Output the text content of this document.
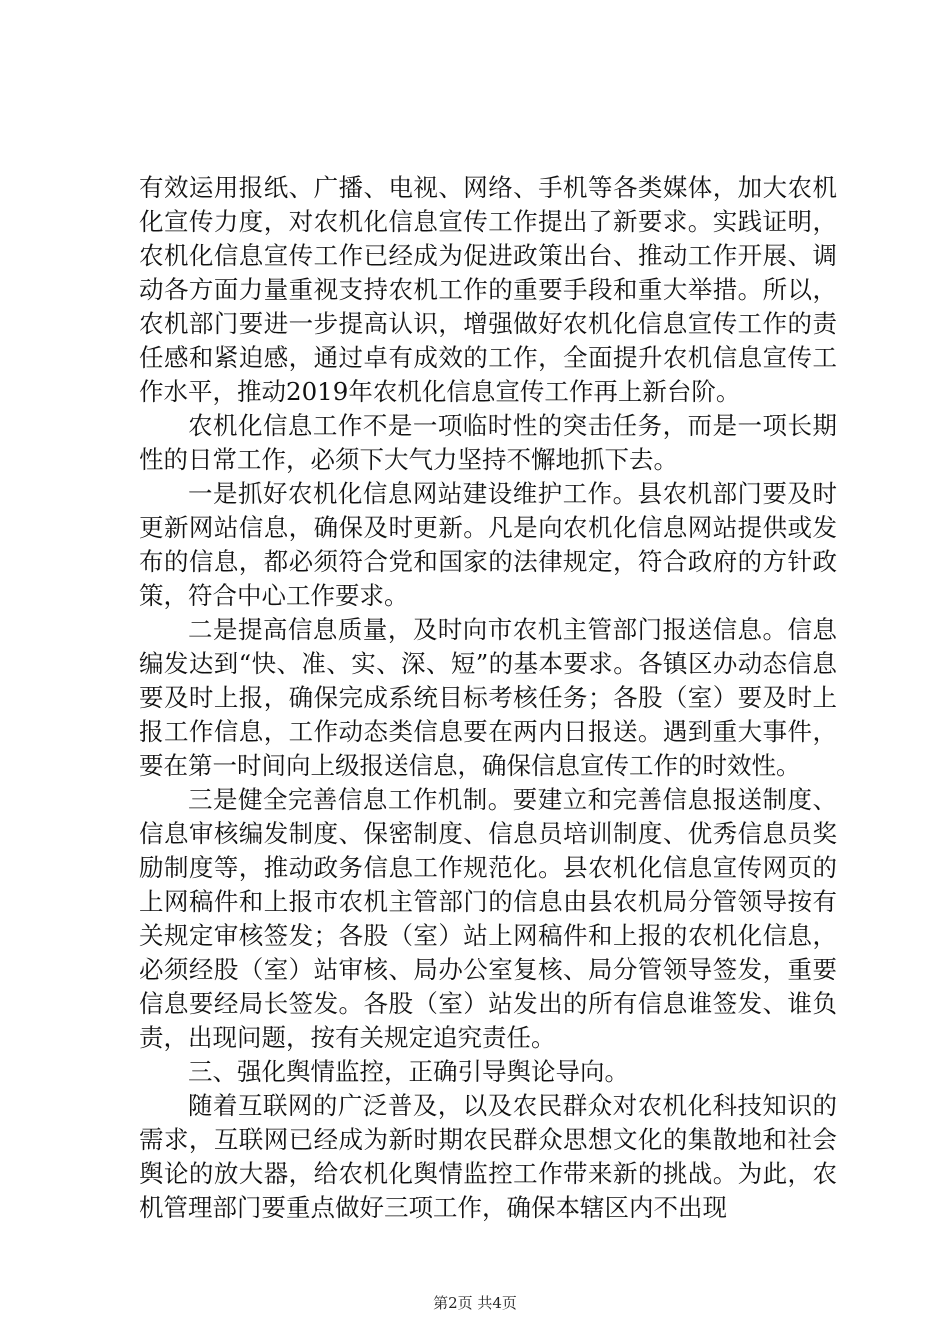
有效运用报纸、广播、电视、网络、手机等各类媒体，加大农机化宣传力度，对农机化信息宣传工作提出了新要求。实践证明，农机化信息宣传工作已经成为促进政策出台、推动工作开展、调动各方面力量重视支持农机工作的重要手段和重大举措。所以，农机部门要进一步提高认识，增强做好农机化信息宣传工作的责任感和紧迫感，通过卓有成效的工作，全面提升农机信息宣传工作水平，推动2019年农机化信息宣传工作再上新台阶。

农机化信息工作不是一项临时性的突击任务，而是一项长期性的日常工作，必须下大气力坚持不懈地抓下去。

一是抓好农机化信息网站建设维护工作。县农机部门要及时更新网站信息，确保及时更新。凡是向农机化信息网站提供或发布的信息，都必须符合党和国家的法律规定，符合政府的方针政策，符合中心工作要求。

二是提高信息质量，及时向市农机主管部门报送信息。信息编发达到“快、准、实、深、短”的基本要求。各镇区办动态信息要及时上报，确保完成系统目标考核任务；各股（室）要及时上报工作信息，工作动态类信息要在两内日报送。遇到重大事件，要在第一时间向上级报送信息，确保信息宣传工作的时效性。

三是健全完善信息工作机制。要建立和完善信息报送制度、信息审核编发制度、保密制度、信息员培训制度、优秀信息员奖励制度等，推动政务信息工作规范化。县农机化信息宣传网页的上网稿件和上报市农机主管部门的信息由县农机局分管领导按有关规定审核签发；各股（室）站上网稿件和上报的农机化信息，必须经股（室）站审核、局办公室复核、局分管领导签发，重要信息要经局长签发。各股（室）站发出的所有信息谁签发、谁负责，出现问题，按有关规定追究责任。

三、强化舆情监控，正确引导舆论导向。

随着互联网的广泛普及，以及农民群众对农机化科技知识的需求，互联网已经成为新时期农民群众思想文化的集散地和社会舆论的放大器，给农机化舆情监控工作带来新的挑战。为此，农机管理部门要重点做好三项工作，确保本辖区内不出现

第2页 共4页
